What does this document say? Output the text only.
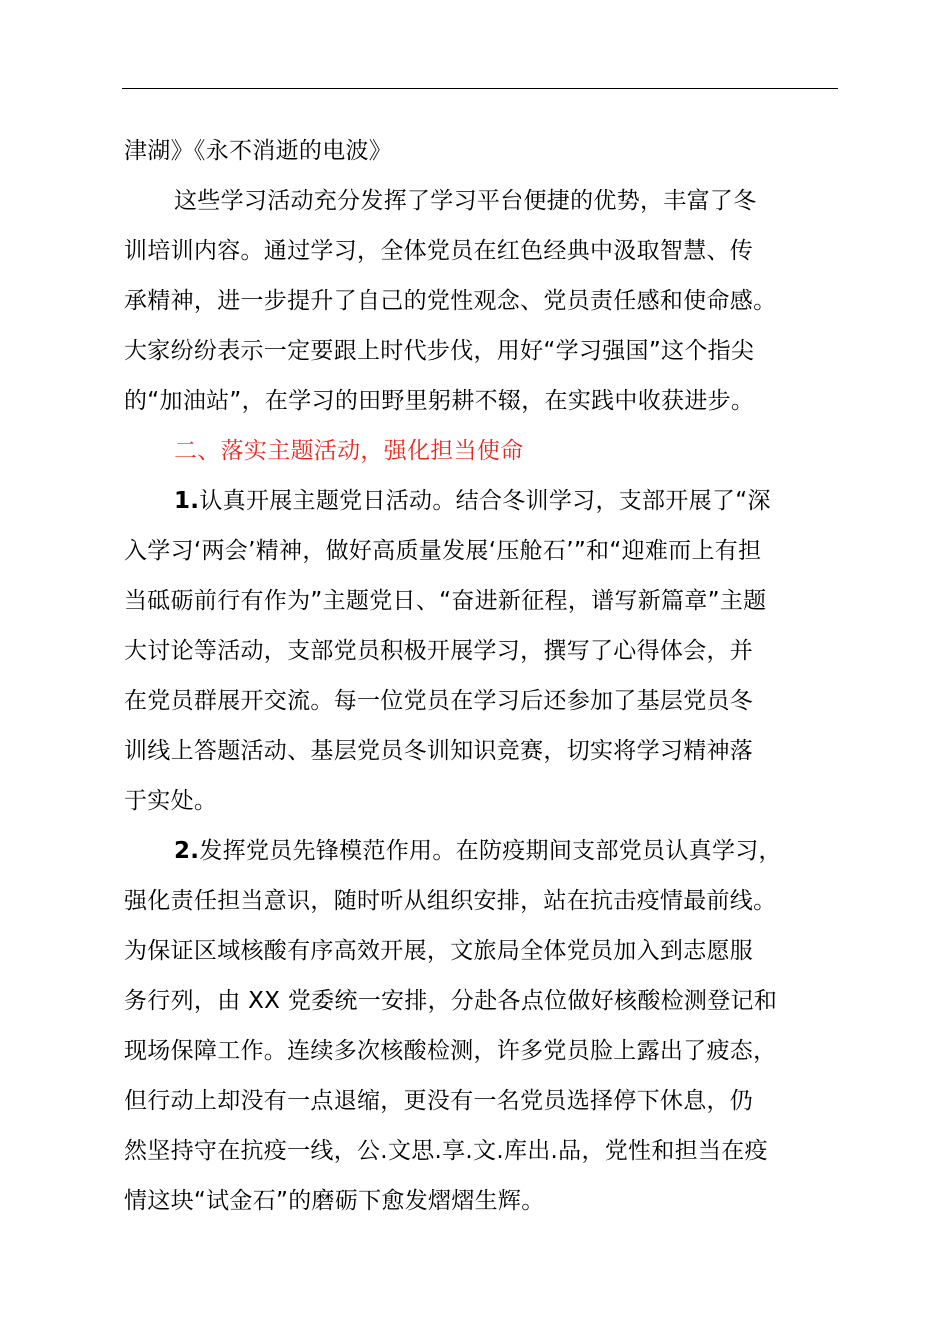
津湖》《永不消逝的电波》
这些学习活动充分发挥了学习平台便捷的优势，丰富了冬
训培训内容。通过学习，全体党员在红色经典中汲取智慧、传
承精神，进一步提升了自己的党性观念、党员责任感和使命感。
大家纷纷表示一定要跟上时代步伐，用好“学习强国”这个指尖
的“加油站”，在学习的田野里躬耕不辍，在实践中收获进步。
二、落实主题活动，强化担当使命
1.认真开展主题党日活动。结合冬训学习，支部开展了“深
入学习‘两会’精神，做好高质量发展‘压舱石’”和“迎难而上有担
当砥砺前行有作为”主题党日、“奋进新征程，谱写新篇章”主题
大讨论等活动，支部党员积极开展学习，撰写了心得体会，并
在党员群展开交流。每一位党员在学习后还参加了基层党员冬
训线上答题活动、基层党员冬训知识竞赛，切实将学习精神落
于实处。
2.发挥党员先锋模范作用。在防疫期间支部党员认真学习，
强化责任担当意识，随时听从组织安排，站在抗击疫情最前线。
为保证区域核酸有序高效开展，文旅局全体党员加入到志愿服
务行列，由 XX 党委统一安排，分赴各点位做好核酸检测登记和
现场保障工作。连续多次核酸检测，许多党员脸上露出了疲态，
但行动上却没有一点退缩，更没有一名党员选择停下休息，仍
然坚持守在抗疫一线，公.文思.享.文.库出.品，党性和担当在疫
情这块“试金石”的磨砺下愈发熠熠生辉。
